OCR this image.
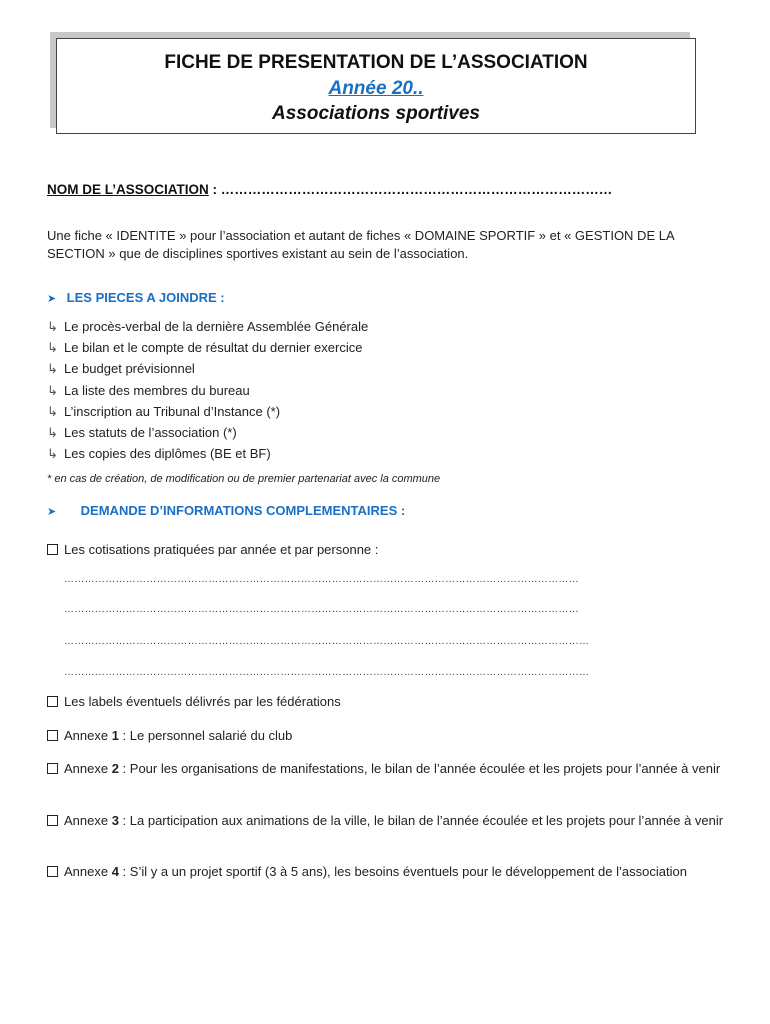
FICHE DE PRESENTATION DE L’ASSOCIATION
Année 20..
Associations sportives
NOM DE L’ASSOCIATION : ……………………………………………………………………………
Une fiche « IDENTITE » pour l’association et autant de fiches « DOMAINE SPORTIF » et « GESTION DE LA SECTION » que de disciplines sportives existant au sein de l’association.
➤ LES PIECES A JOINDRE :
↳ Le procès-verbal de la dernière Assemblée Générale
↳ Le bilan et le compte de résultat du dernier exercice
↳ Le budget prévisionnel
↳ La liste des membres du bureau
↳ L’inscription au Tribunal d’Instance (*)
↳ Les statuts de l’association (*)
↳ Les copies des diplômes (BE et BF)
* en cas de création, de modification ou de premier partenariat avec la commune
➤ DEMANDE D’INFORMATIONS COMPLEMENTAIRES :
Les cotisations pratiquées par année et par personne :
……………………………………………………………………………………………………………………………………
……………………………………………………………………………………………………………………………………
………………………………………………………………………………………………………………………………………
………………………………………………………………………………………………………………………………………
Les labels éventuels délivrés par les fédérations
Annexe 1 : Le personnel salarié du club
Annexe 2 : Pour les organisations de manifestations, le bilan de l’année écoulée et les projets pour l’année à venir
Annexe 3 : La participation aux animations de la ville, le bilan de l’année écoulée et les projets pour l’année à venir
Annexe 4 : S’il y a un projet sportif (3 à 5 ans), les besoins éventuels pour le développement de l’association
